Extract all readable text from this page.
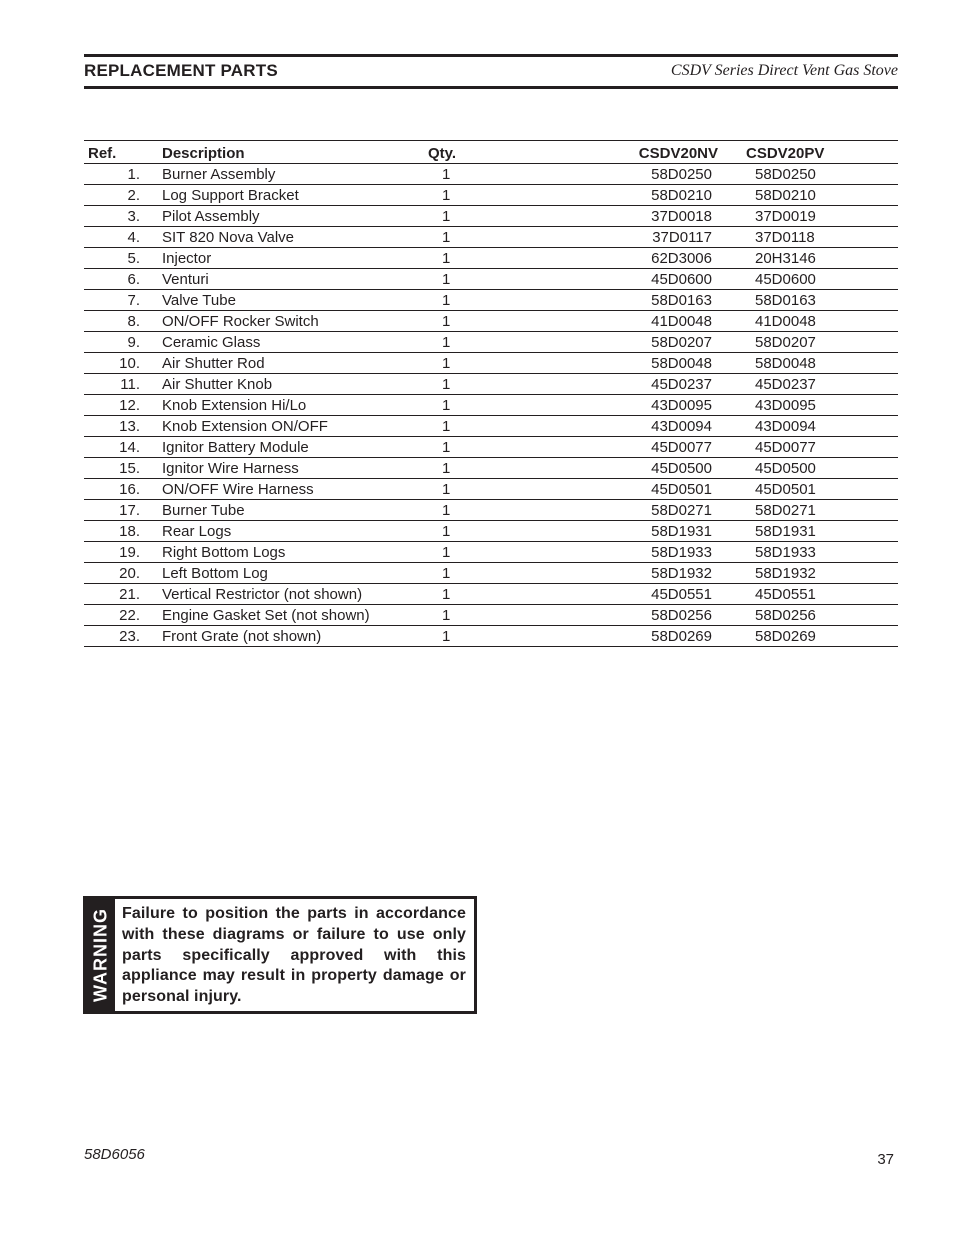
REPLACEMENT PARTS	CSDV Series Direct Vent Gas Stove
Ref.	Description	Qty.	CSDV20NV	CSDV20PV	
1.	Burner Assembly	1	58D0250	58D0250	
2.	Log Support Bracket	1	58D0210	58D0210	
3.	Pilot Assembly	1	37D0018	37D0019	
4.	SIT 820 Nova Valve	1	37D0117	37D0118	
5.	Injector	1	62D3006	20H3146	
6.	Venturi	1	45D0600	45D0600	
7.	Valve Tube	1	58D0163	58D0163	
8.	ON/OFF Rocker Switch	1	41D0048	41D0048	
9.	Ceramic Glass	1	58D0207	58D0207	
10.	Air Shutter Rod	1	58D0048	58D0048	
11.	Air Shutter Knob	1	45D0237	45D0237	
12.	Knob Extension Hi/Lo	1	43D0095	43D0095	
13.	Knob Extension ON/OFF	1	43D0094	43D0094	
14.	Ignitor Battery Module	1	45D0077	45D0077	
15.	Ignitor Wire Harness	1	45D0500	45D0500	
16.	ON/OFF Wire Harness	1	45D0501	45D0501	
17.	Burner Tube	1	58D0271	58D0271	
18.	Rear Logs	1	58D1931	58D1931	
19.	Right Bottom Logs	1	58D1933	58D1933	
20.	Left Bottom Log	1	58D1932	58D1932	
21.	Vertical Restrictor (not shown)	1	45D0551	45D0551	
22.	Engine Gasket Set (not shown)	1	58D0256	58D0256	
23.	Front Grate (not shown)	1	58D0269	58D0269	
WARNING Failure to position the parts in accordance with these diagrams or failure to use only parts specifically approved with this appliance may result in property damage or personal injury.
58D6056	37
